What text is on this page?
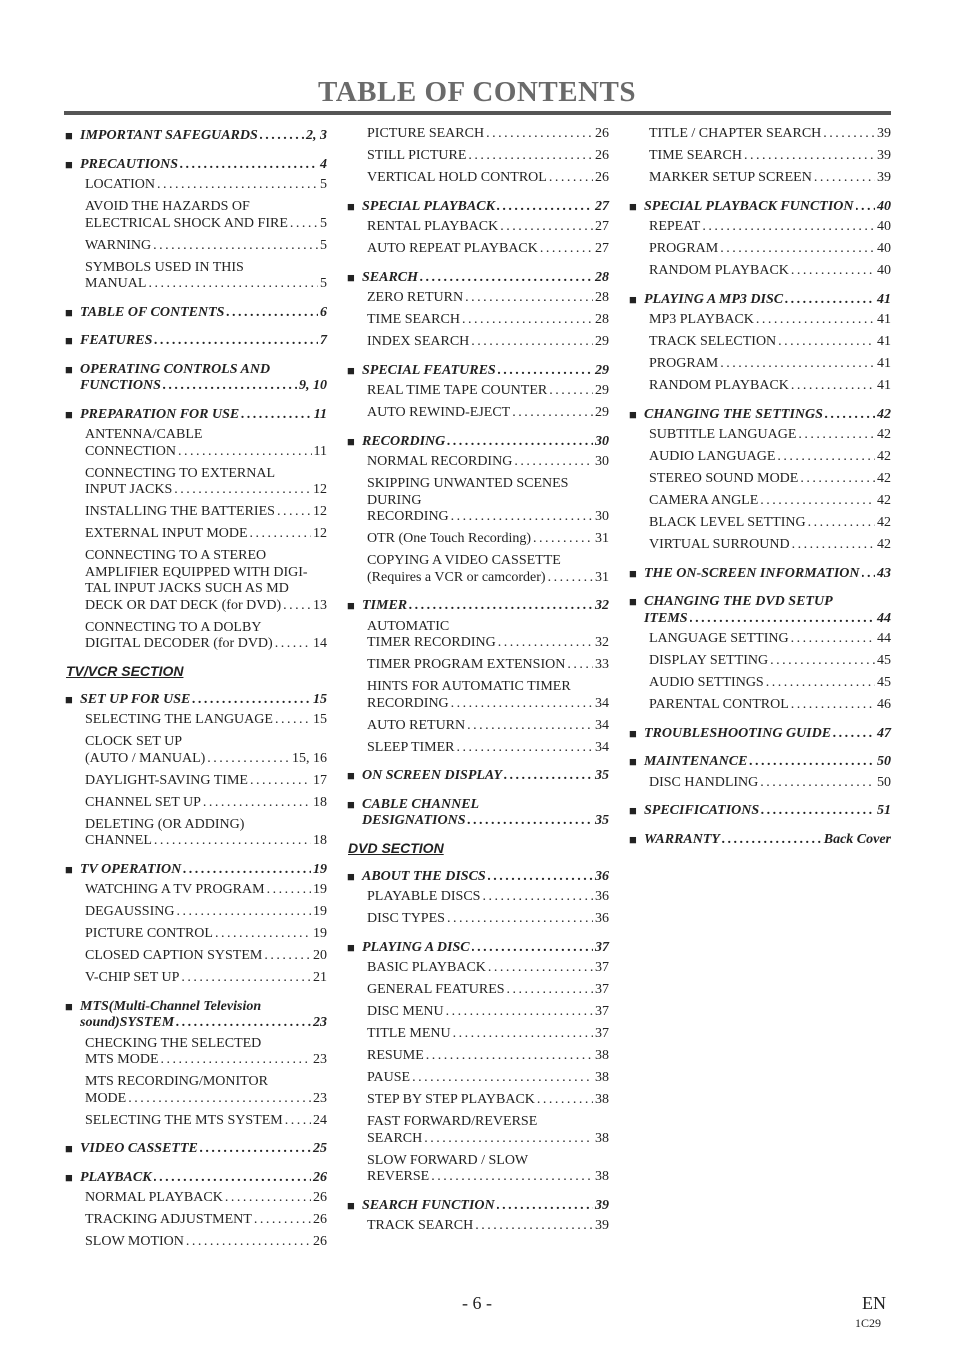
TABLE OF CONTENTS
■ IMPORTANT SAFEGUARDS . . .	2, 3
■ PRECAUTIONS . . .	4
LOCATION . . .	5
AVOID THE HAZARDS OF
ELECTRICAL SHOCK AND FIRE . . . 5
WARNING . . .	5
SYMBOLS USED IN THIS
MANUAL . . .	5
■ TABLE OF CONTENTS . . .	6
■ FEATURES . . .	7
■ OPERATING CONTROLS AND
FUNCTIONS . . .	9, 10
■ PREPARATION FOR USE . . .	11
ANTENNA/CABLE
CONNECTION . . .	11
CONNECTING TO EXTERNAL
INPUT JACKS . . .	12
INSTALLING THE BATTERIES . . .	12
EXTERNAL INPUT MODE . . .	12
CONNECTING TO A STEREO AMPLIFIER EQUIPPED WITH DIGI-TAL INPUT JACKS SUCH AS MD
DECK OR DAT DECK (for DVD) . . . 13
CONNECTING TO A DOLBY
DIGITAL DECODER (for DVD) . . .	14
TV/VCR SECTION
■ SET UP FOR USE . . .	15
SELECTING THE LANGUAGE . . .	15
CLOCK SET UP
(AUTO / MANUAL) . . .	15, 16
DAYLIGHT-SAVING TIME . . .	17
CHANNEL SET UP . . .	18
DELETING (OR ADDING)
CHANNEL . . .	18
■ TV OPERATION . . .	19
WATCHING A TV PROGRAM . . .	19
DEGAUSSING . . .	19
PICTURE CONTROL . . .	19
CLOSED CAPTION SYSTEM . . .	20
V-CHIP SET UP . . .	21
■ MTS(Multi-Channel Television
sound)SYSTEM . . .	23
CHECKING THE SELECTED
MTS MODE . . .	23
MTS RECORDING/MONITOR
MODE . . .	23
SELECTING THE MTS SYSTEM . . . 24
■ VIDEO CASSETTE . . .	25
■ PLAYBACK . . .	26
NORMAL PLAYBACK . . .	26
TRACKING ADJUSTMENT . . .	26
SLOW MOTION . . .	26
PICTURE SEARCH . . .	26
STILL PICTURE . . .	26
VERTICAL HOLD CONTROL . . .	26
■ SPECIAL PLAYBACK . . .	27
RENTAL PLAYBACK . . .	27
AUTO REPEAT PLAYBACK . . .	27
■ SEARCH . . .	28
ZERO RETURN . . .	28
TIME SEARCH . . .	28
INDEX SEARCH . . .	29
■ SPECIAL FEATURES . . .	29
REAL TIME TAPE COUNTER . . .	29
AUTO REWIND-EJECT . . .	29
■ RECORDING . . .	30
NORMAL RECORDING . . .	30
SKIPPING UNWANTED SCENES DURING
RECORDING . . .	30
OTR (One Touch Recording) . . .	31
COPYING A VIDEO CASSETTE
(Requires a VCR or camcorder) . . .	31
■ TIMER . . .	32
AUTOMATIC
TIMER RECORDING . . .	32
TIMER PROGRAM EXTENSION . . . 33
HINTS FOR AUTOMATIC TIMER
RECORDING . . .	34
AUTO RETURN . . .	34
SLEEP TIMER . . .	34
■ ON SCREEN DISPLAY . . .	35
■ CABLE CHANNEL
DESIGNATIONS . . .	35
DVD SECTION
■ ABOUT THE DISCS . . .	36
PLAYABLE DISCS . . .	36
DISC TYPES . . .	36
■ PLAYING A DISC . . .	37
BASIC PLAYBACK . . .	37
GENERAL FEATURES . . .	37
DISC MENU . . .	37
TITLE MENU . . .	37
RESUME . . .	38
PAUSE . . .	38
STEP BY STEP PLAYBACK . . .	38
FAST FORWARD/REVERSE
SEARCH . . .	38
SLOW FORWARD / SLOW
REVERSE . . .	38
■ SEARCH FUNCTION . . .	39
TRACK SEARCH . . .	39
TITLE / CHAPTER SEARCH . . .	39
TIME SEARCH . . .	39
MARKER SETUP SCREEN . . .	39
■ SPECIAL PLAYBACK FUNCTION . . . 40
REPEAT . . .	40
PROGRAM . . .	40
RANDOM PLAYBACK . . .	40
■ PLAYING A MP3 DISC . . .	41
MP3 PLAYBACK . . .	41
TRACK SELECTION . . .	41
PROGRAM . . .	41
RANDOM PLAYBACK . . .	41
■ CHANGING THE SETTINGS . . .	42
SUBTITLE LANGUAGE . . .	42
AUDIO LANGUAGE . . .	42
STEREO SOUND MODE . . .	42
CAMERA ANGLE . . .	42
BLACK LEVEL SETTING . . .	42
VIRTUAL SURROUND . . .	42
■ THE ON-SCREEN INFORMATION . . . 43
■ CHANGING THE DVD SETUP
ITEMS . . .	44
LANGUAGE SETTING . . .	44
DISPLAY SETTING . . .	45
AUDIO SETTINGS . . .	45
PARENTAL CONTROL . . .	46
■ TROUBLESHOOTING GUIDE . . .	47
■ MAINTENANCE . . .	50
DISC HANDLING . . .	50
■ SPECIFICATIONS . . .	51
■ WARRANTY . . .	Back Cover
- 6 -	EN
1C29
